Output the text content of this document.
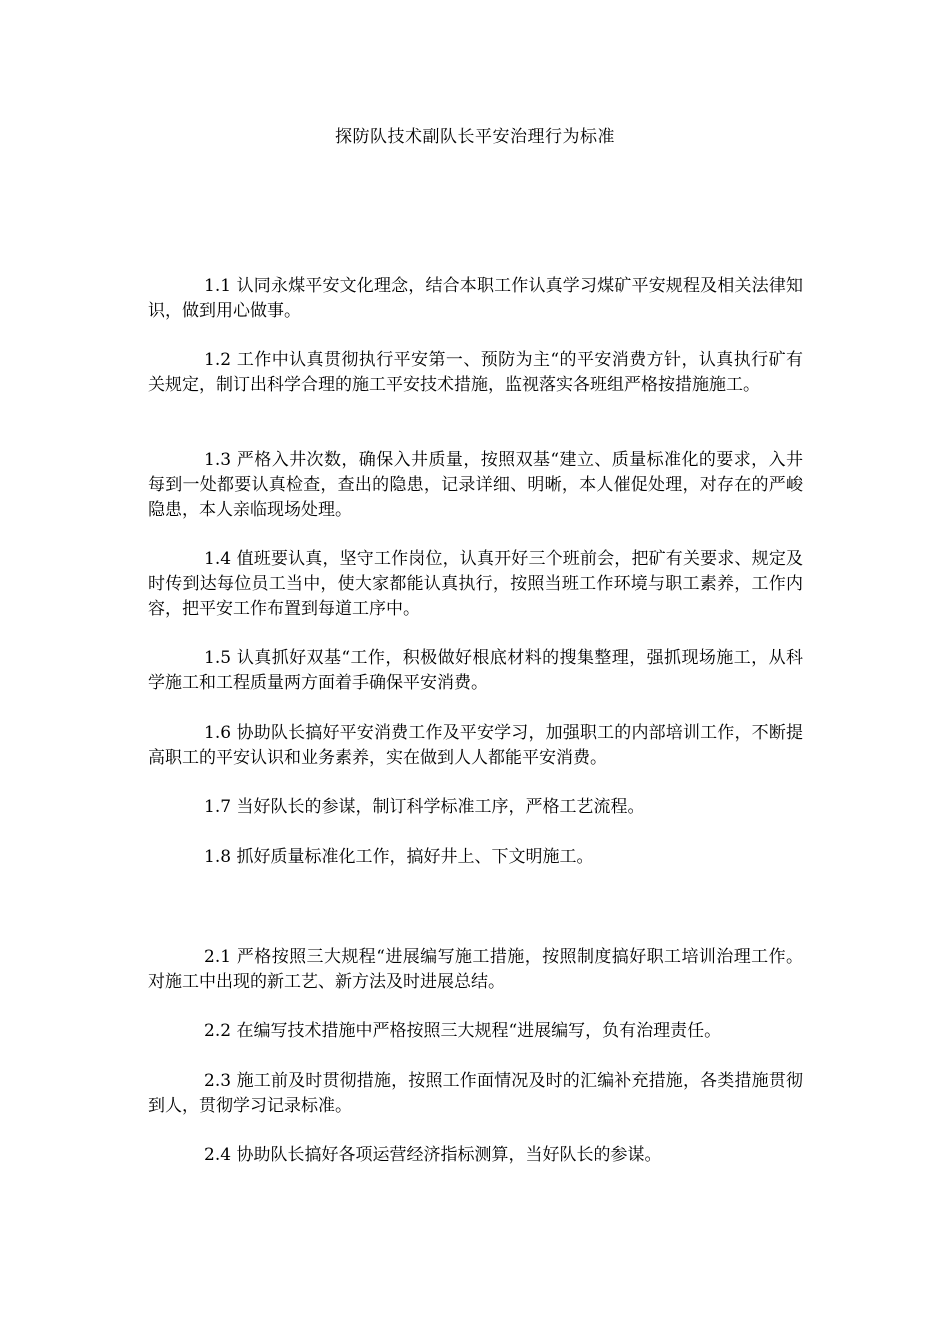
探防队技术副队长平安治理行为标准

1.1 认同永煤平安文化理念，结合本职工作认真学习煤矿平安规程及相关法律知识，做到用心做事。

1.2 工作中认真贯彻执行平安第一、预防为主“的平安消费方针，认真执行矿有关规定，制订出科学合理的施工平安技术措施，监视落实各班组严格按措施施工。

1.3 严格入井次数，确保入井质量，按照双基“建立、质量标准化的要求，入井每到一处都要认真检查，查出的隐患，记录详细、明晰，本人催促处理，对存在的严峻隐患，本人亲临现场处理。

1.4 值班要认真，坚守工作岗位，认真开好三个班前会，把矿有关要求、规定及时传到达每位员工当中，使大家都能认真执行，按照当班工作环境与职工素养，工作内容，把平安工作布置到每道工序中。

1.5 认真抓好双基“工作，积极做好根底材料的搜集整理，强抓现场施工，从科学施工和工程质量两方面着手确保平安消费。

1.6 协助队长搞好平安消费工作及平安学习，加强职工的内部培训工作，不断提高职工的平安认识和业务素养，实在做到人人都能平安消费。

1.7 当好队长的参谋，制订科学标准工序，严格工艺流程。

1.8 抓好质量标准化工作，搞好井上、下文明施工。

2.1 严格按照三大规程“进展编写施工措施，按照制度搞好职工培训治理工作。对施工中出现的新工艺、新方法及时进展总结。

2.2 在编写技术措施中严格按照三大规程“进展编写，负有治理责任。

2.3 施工前及时贯彻措施，按照工作面情况及时的汇编补充措施，各类措施贯彻到人，贯彻学习记录标准。

2.4 协助队长搞好各项运营经济指标测算，当好队长的参谋。
